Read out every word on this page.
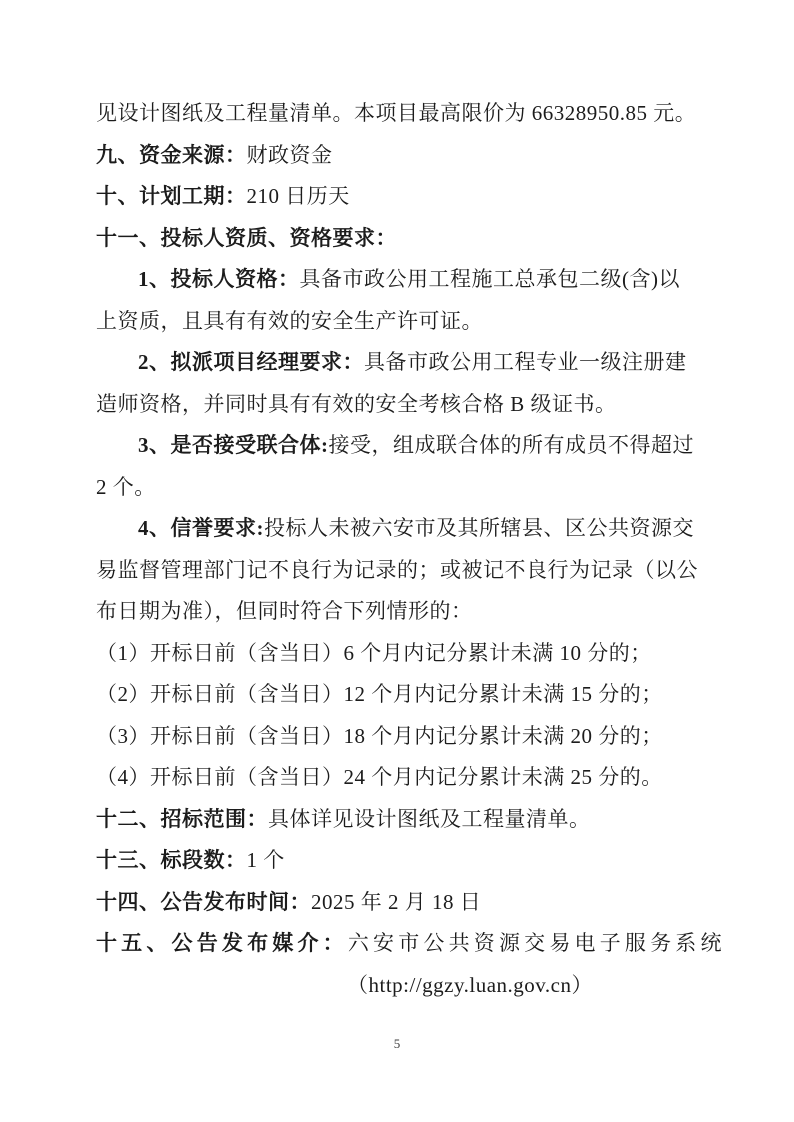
见设计图纸及工程量清单。本项目最高限价为 66328950.85 元。

九、资金来源：财政资金

十、计划工期：210 日历天

十一、投标人资质、资格要求：

1、投标人资格：具备市政公用工程施工总承包二级(含)以

上资质，且具有有效的安全生产许可证。

2、拟派项目经理要求：具备市政公用工程专业一级注册建

造师资格，并同时具有有效的安全考核合格 B 级证书。

3、是否接受联合体:接受，组成联合体的所有成员不得超过

2 个。

4、信誉要求:投标人未被六安市及其所辖县、区公共资源交

易监督管理部门记不良行为记录的；或被记不良行为记录（以公

布日期为准），但同时符合下列情形的：

（1）开标日前（含当日）6 个月内记分累计未满 10 分的；

（2）开标日前（含当日）12 个月内记分累计未满 15 分的；

（3）开标日前（含当日）18 个月内记分累计未满 20 分的；

（4）开标日前（含当日）24 个月内记分累计未满 25 分的。

十二、招标范围：具体详见设计图纸及工程量清单。

十三、标段数：1 个

十四、公告发布时间：2025 年 2 月 18 日

十五、公告发布媒介：六安市公共资源交易电子服务系统

（http://ggzy.luan.gov.cn）

5
